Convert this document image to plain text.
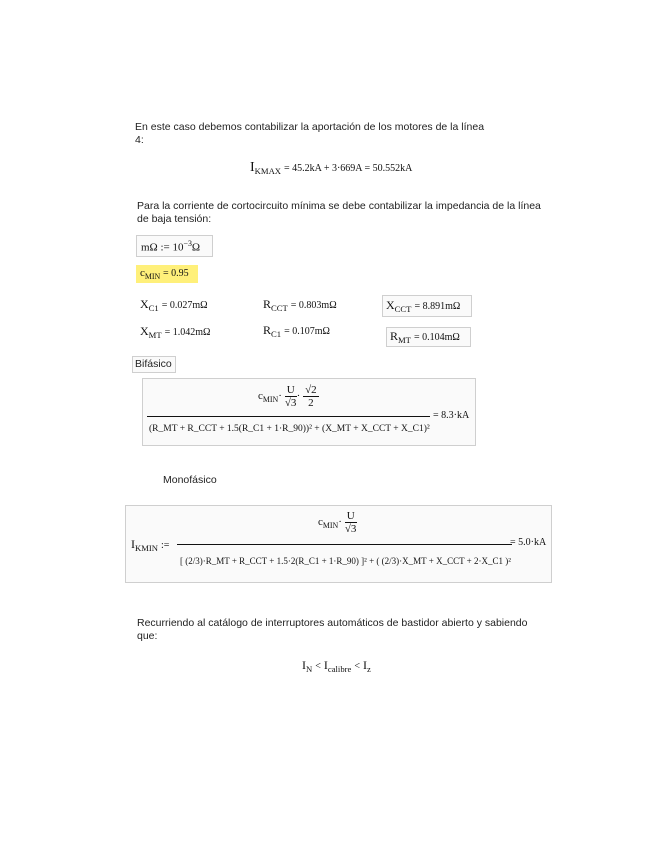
En este caso debemos contabilizar la aportación de los motores de la línea
4:
$I_{KMAX} = 45.2kA + 3\cdot 669A = 50.552kA$
Para la corriente de cortocircuito mínima se debe contabilizar la impedancia de la línea
de baja tensión:
mΩ := $10^{-3}\Omega$
$c_{MIN} = 0.95$
$X_{C1} = 0.027m\Omega$	$R_{CCT} = 0.803m\Omega$	$X_{CCT} = 8.891m\Omega$
$X_{MT} = 1.042m\Omega$	$R_{C1} = 0.107m\Omega$	$R_{MT} = 0.104m\Omega$
Bifásico
$c_{MIN}\cdot \frac{U}{√3} \cdot \frac{√2}{2}$
(R_MT + R_CCT + 1.5(R_C1 + 1·R_90))² + (X_MT + X_CCT + X_C1)²
= 8.3·kA
Monofásico
$I_{KMIN}$ :=
$c_{MIN}\cdot \frac{U}{√3}$
[ (2/3)·R_MT + R_CCT + 1.5·2(R_C1 + 1·R_90) ]² + ( (2/3)·X_MT + X_CCT + 2·X_C1 )²
= 5.0·kA
Recurriendo al catálogo de interruptores automáticos de bastidor abierto y sabiendo
que:
$I_N < I_{calibre} < I_z$
